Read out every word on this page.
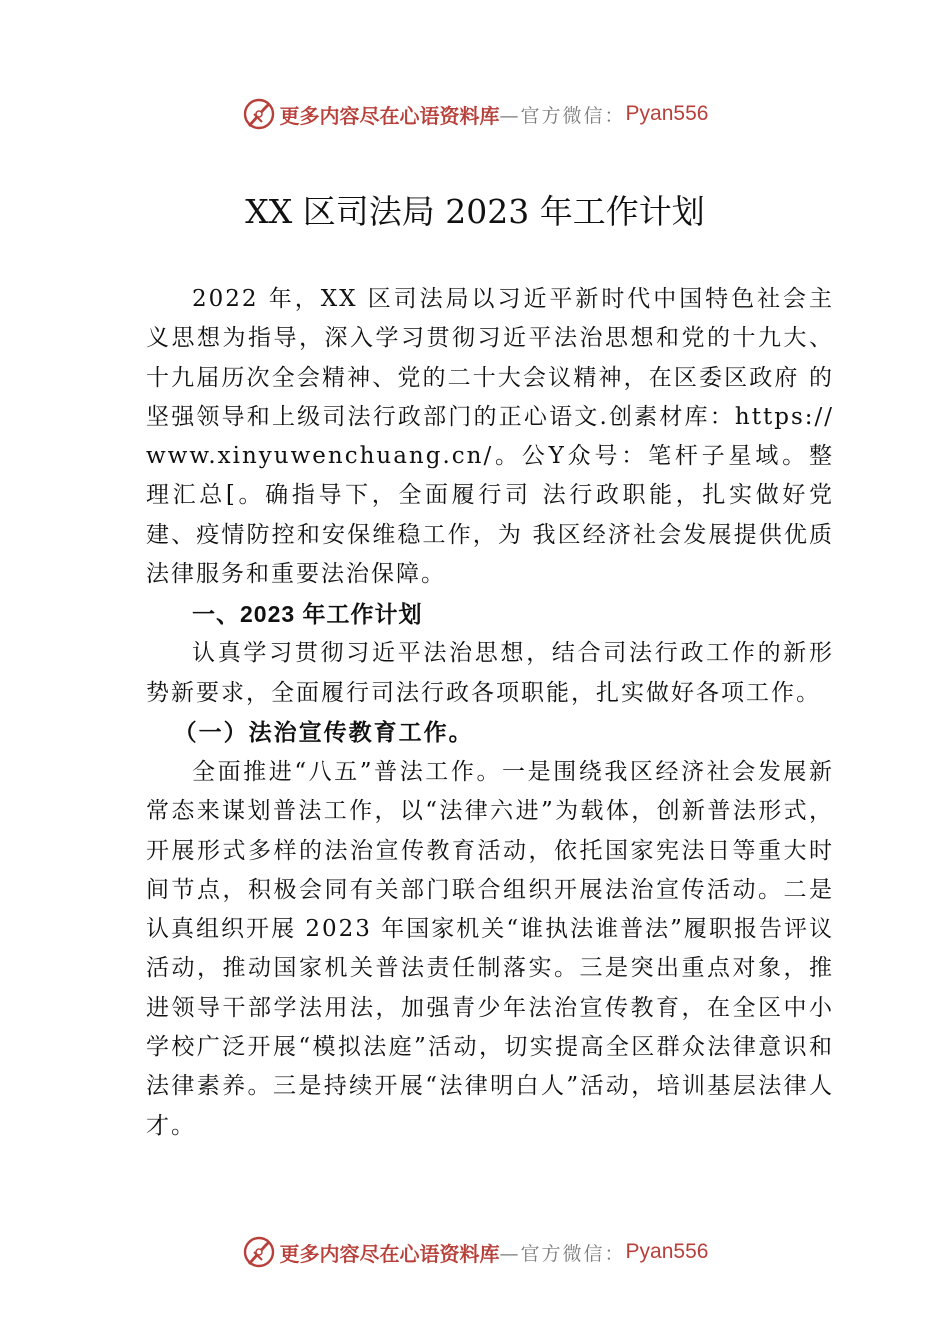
更多内容尽在心语资料库 —官方微信： Pyan556
XX 区司法局 2023 年工作计划

2022 年，XX 区司法局以习近平新时代中国特色社会主义思想为指导，深入学习贯彻习近平法治思想和党的十九大、十九届历次全会精神、党的二十大会议精神，在区委区政府 的坚强领导和上级司法行政部门的正心语文.创素材库：https://www.xinyuwenchuang.cn/。公Y众号：笔杆子星域。整理汇总[。确指导下，全面履行司 法行政职能，扎实做好党建、疫情防控和安保维稳工作，为 我区经济社会发展提供优质法律服务和重要法治保障。

一、2023 年工作计划

认真学习贯彻习近平法治思想，结合司法行政工作的新形势新要求，全面履行司法行政各项职能，扎实做好各项工作。

（一）法治宣传教育工作。

全面推进“八五”普法工作。一是围绕我区经济社会发展新常态来谋划普法工作，以“法律六进”为载体，创新普法形式，开展形式多样的法治宣传教育活动，依托国家宪法日等重大时间节点，积极会同有关部门联合组织开展法治宣传活动。二是认真组织开展 2023 年国家机关“谁执法谁普法”履职报告评议活动，推动国家机关普法责任制落实。三是突出重点对象，推进领导干部学法用法，加强青少年法治宣传教育，在全区中小学校广泛开展“模拟法庭”活动，切实提高全区群众法律意识和法律素养。三是持续开展“法律明白人”活动，培训基层法律人才。

更多内容尽在心语资料库 —官方微信： Pyan556
